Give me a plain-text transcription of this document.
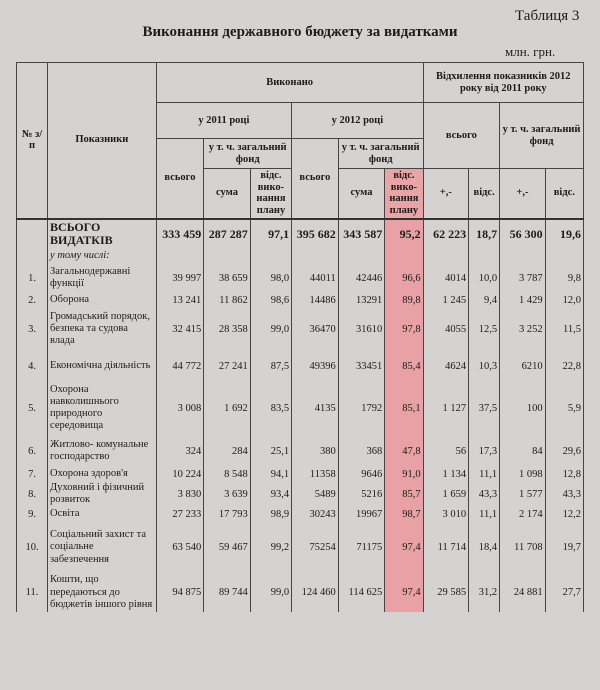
Таблиця 3
Виконання державного бюджету за видатками
млн. грн.
№ з/п	Показники	Виконано						Відхилення показників 2012 року від 2011 року			
		у 2011 році			у 2012 році			всього		у т. ч. загальний фонд	
		всього	у т. ч. загальний фонд		всього	у т. ч. загальний фонд					
			сума	відс. вико- нання плану		сума	відс. вико- нання плану	+,-	відс.	+,-	відс.
	ВСЬОГО ВИДАТКІВ	333 459	287 287	97,1	395 682	343 587	95,2	62 223	18,7	56 300	19,6
	у тому числі:										
1.	Загальнодержавні функції	39 997	38 659	98,0	44011	42446	96,6	4014	10,0	3 787	9,8
2.	Оборона	13 241	11 862	98,6	14486	13291	89,8	1 245	9,4	1 429	12,0
3.	Громадський порядок, безпека та судова влада	32 415	28 358	99,0	36470	31610	97,8	4055	12,5	3 252	11,5
4.	Економічна діяльність	44 772	27 241	87,5	49396	33451	85,4	4624	10,3	6210	22,8
5.	Охорона навколишнього природного середовища	3 008	1 692	83,5	4135	1792	85,1	1 127	37,5	100	5,9
6.	Житлово- комунальне господарство	324	284	25,1	380	368	47,8	56	17,3	84	29,6
7.	Охорона здоров'я	10 224	8 548	94,1	11358	9646	91,0	1 134	11,1	1 098	12,8
8.	Духовний і фізичний розвиток	3 830	3 639	93,4	5489	5216	85,7	1 659	43,3	1 577	43,3
9.	Освіта	27 233	17 793	98,9	30243	19967	98,7	3 010	11,1	2 174	12,2
10.	Соціальний захист та соціальне забезпечення	63 540	59 467	99,2	75254	71175	97,4	11 714	18,4	11 708	19,7
11.	Кошти, що передаються до бюджетів іншого рівня	94 875	89 744	99,0	124 460	114 625	97,4	29 585	31,2	24 881	27,7
